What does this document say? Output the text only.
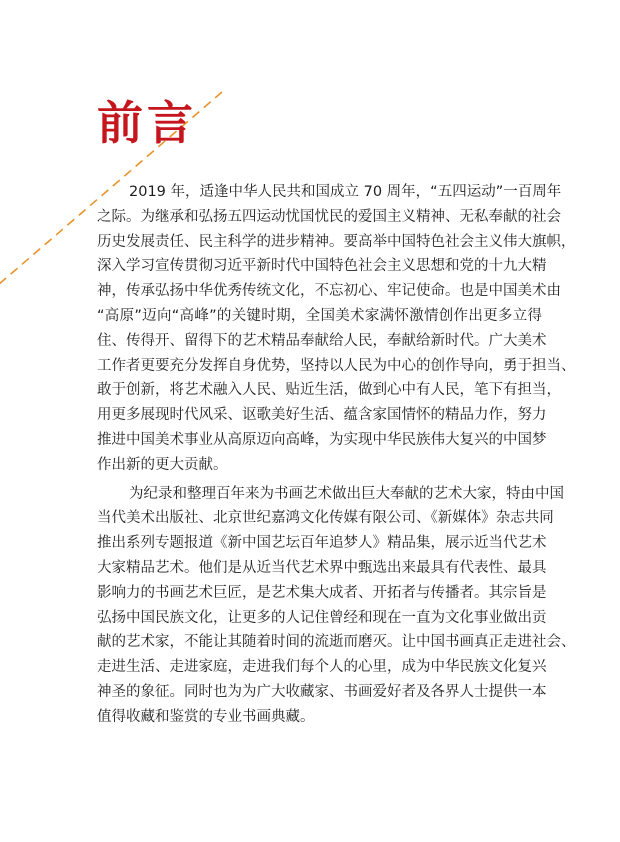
前言
2019 年，适逢中华人民共和国成立 70 周年，“五四运动”一百周年
之际。为继承和弘扬五四运动忧国忧民的爱国主义精神、无私奉献的社会
历史发展责任、民主科学的进步精神。要高举中国特色社会主义伟大旗帜，
深入学习宣传贯彻习近平新时代中国特色社会主义思想和党的十九大精
神，传承弘扬中华优秀传统文化，不忘初心、牢记使命。也是中国美术由
“高原”迈向“高峰”的关键时期，全国美术家满怀激情创作出更多立得
住、传得开、留得下的艺术精品奉献给人民，奉献给新时代。广大美术
工作者更要充分发挥自身优势，坚持以人民为中心的创作导向，勇于担当、
敢于创新，将艺术融入人民、贴近生活，做到心中有人民，笔下有担当，
用更多展现时代风采、讴歌美好生活、蕴含家国情怀的精品力作，努力
推进中国美术事业从高原迈向高峰，为实现中华民族伟大复兴的中国梦
作出新的更大贡献。
为纪录和整理百年来为书画艺术做出巨大奉献的艺术大家，特由中国
当代美术出版社、北京世纪嘉鸿文化传媒有限公司、《新媒体》杂志共同
推出系列专题报道《新中国艺坛百年追梦人》精品集，展示近当代艺术
大家精品艺术。他们是从近当代艺术界中甄选出来最具有代表性、最具
影响力的书画艺术巨匠，是艺术集大成者、开拓者与传播者。其宗旨是
弘扬中国民族文化，让更多的人记住曾经和现在一直为文化事业做出贡
献的艺术家，不能让其随着时间的流逝而磨灭。让中国书画真正走进社会、
走进生活、走进家庭，走进我们每个人的心里，成为中华民族文化复兴
神圣的象征。同时也为为广大收藏家、书画爱好者及各界人士提供一本
值得收藏和鉴赏的专业书画典藏。
